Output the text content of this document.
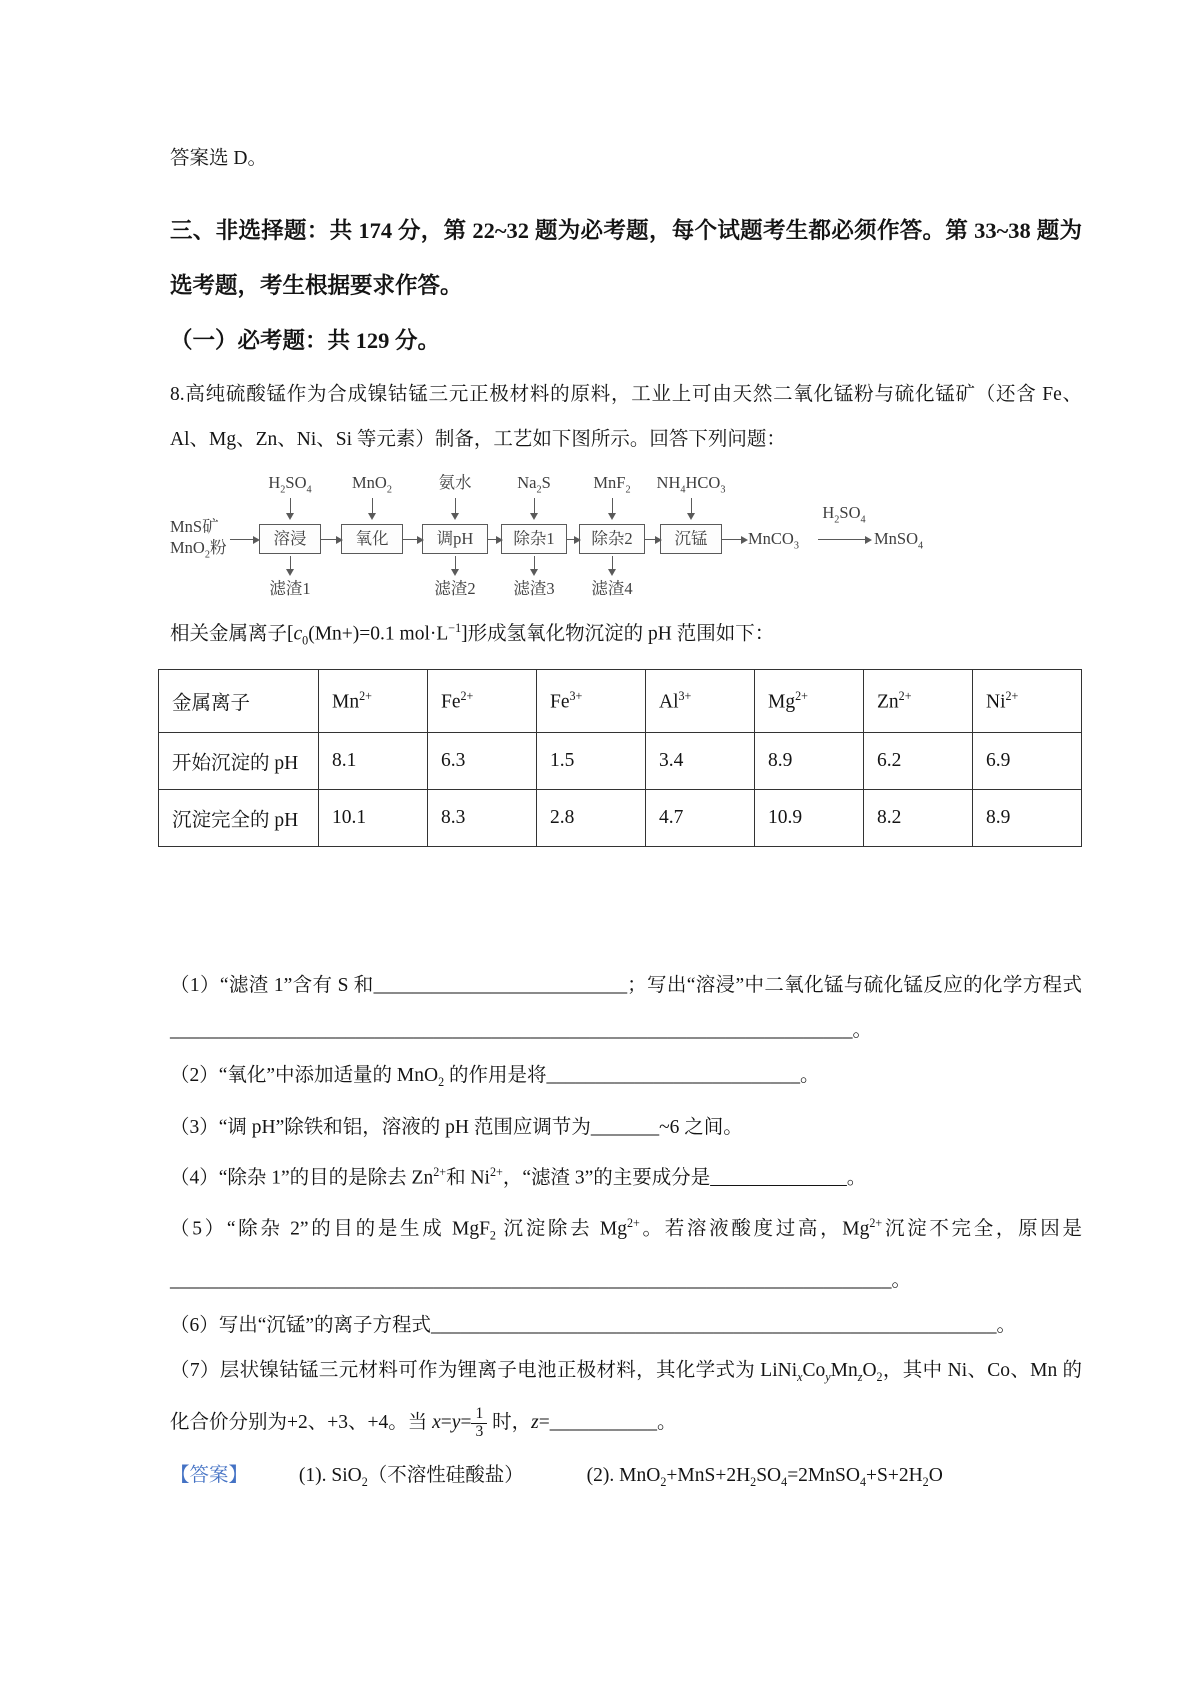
答案选 D。

三、非选择题：共 174 分，第 22~32 题为必考题，每个试题考生都必须作答。第 33~38 题为选考题，考生根据要求作答。

（一）必考题：共 129 分。

8.高纯硫酸锰作为合成镍钴锰三元正极材料的原料，工业上可由天然二氧化锰粉与硫化锰矿（还含 Fe、Al、Mg、Zn、Ni、Si 等元素）制备，工艺如下图所示。回答下列问题：

MnS矿
MnO$_2$粉
$H_2SO_4$	MnO$_2$	氨水	$Na_2S$	MnF$_2$	$NH_4HCO_3$
溶浸	氧化	调pH	除杂1	除杂2	沉锰	MnCO$_3$
$H_2SO_4$
MnSO$_4$
滤渣1	滤渣2	滤渣3	滤渣4

相关金属离子[$c_0(Mn+)=0.1$ $mol\cdot L^{-1}$]形成氢氧化物沉淀的 pH 范围如下：

金属离子	$Mn^{2+}$	$Fe^{2+}$	$Fe^{3+}$	$Al^{3+}$	$Mg^{2+}$	$Zn^{2+}$	$Ni^{2+}$
开始沉淀的 pH	8.1	6.3	1.5	3.4	8.9	6.2	6.9
沉淀完全的 pH	10.1	8.3	2.8	4.7	10.9	8.2	8.9

（1）“滤渣 1”含有 S 和__________________________；写出“溶浸”中二氧化锰与硫化锰反应的化学方程式______________________________________________________________________。

（2）“氧化”中添加适量的 MnO$_2$ 的作用是将__________________________。

（3）“调 pH”除铁和铝，溶液的 pH 范围应调节为_______~6 之间。

（4）“除杂 1”的目的是除去 $Zn^{2+}$和 $Ni^{2+}$，“滤渣 3”的主要成分是______________。

（5）“除杂 2”的目的是生成 MgF$_2$ 沉淀除去 $Mg^{2+}$。若溶液酸度过高，$Mg^{2+}$沉淀不完全，原因是__________________________________________________________________________。

（6）写出“沉锰”的离子方程式__________________________________________________________。

（7）层状镍钴锰三元材料可作为锂离子电池正极材料，其化学式为 $LiNi_xCo_yMn_zO_2$，其中 Ni、Co、Mn 的化合价分别为+2、+3、+4。当 $x=y= \frac{1}{3}$ 时，z=___________。

【答案】	(1). SiO$_2$（不溶性硅酸盐）	(2). $MnO_2+MnS+2H_2SO_4=2MnSO_4+S+2H_2O$
